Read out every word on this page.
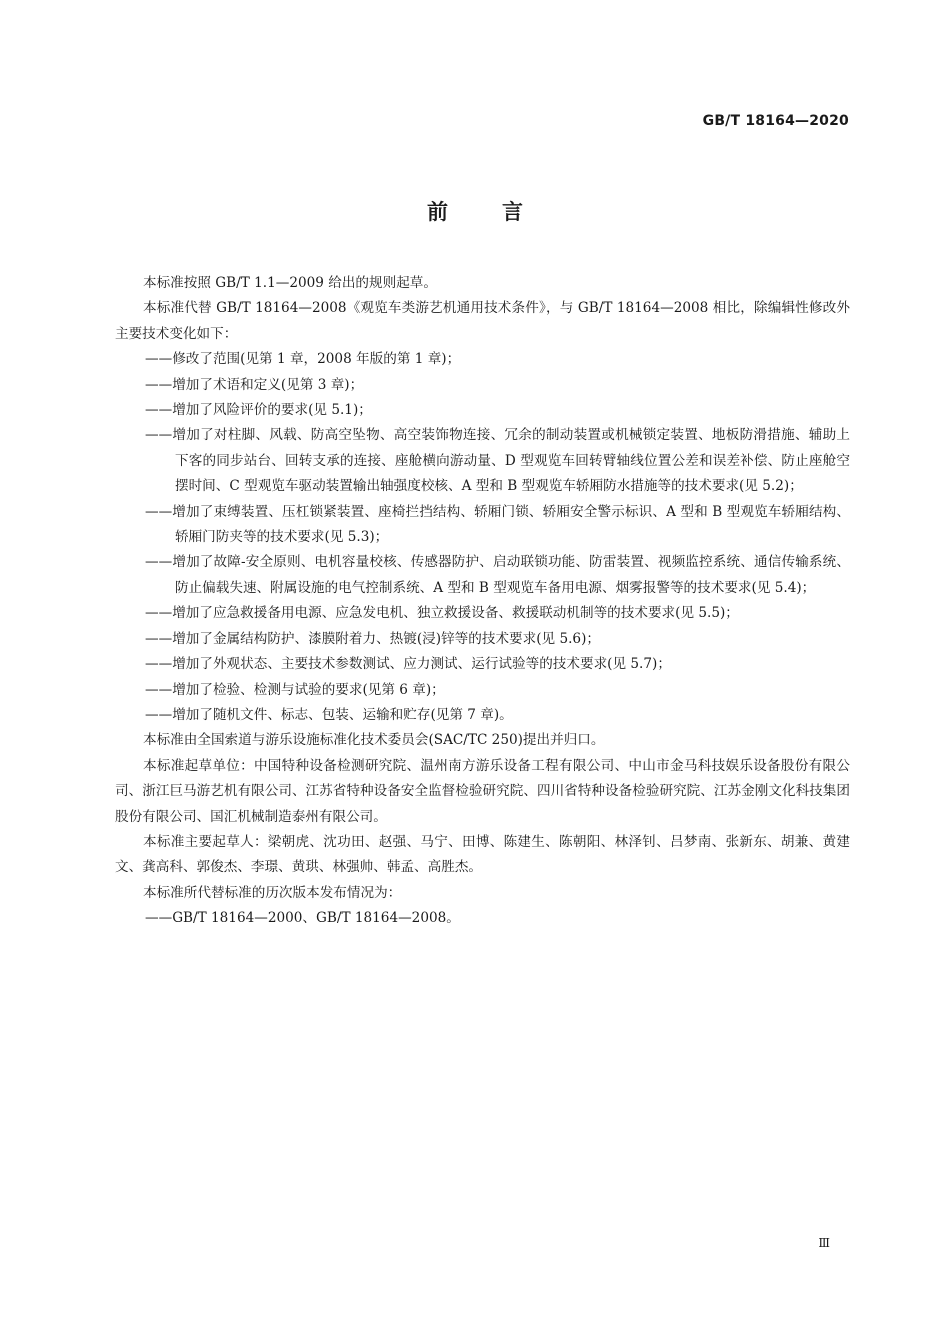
GB/T 18164—2020
前	言

本标准按照 GB/T 1.1—2009 给出的规则起草。

本标准代替 GB/T 18164—2008《观览车类游艺机通用技术条件》，与 GB/T 18164—2008 相比，除编辑性修改外主要技术变化如下：

——修改了范围(见第 1 章，2008 年版的第 1 章)；

——增加了术语和定义(见第 3 章)；

——增加了风险评价的要求(见 5.1)；

——增加了对柱脚、风载、防高空坠物、高空装饰物连接、冗余的制动装置或机械锁定装置、地板防滑措施、辅助上下客的同步站台、回转支承的连接、座舱横向游动量、D 型观览车回转臂轴线位置公差和误差补偿、防止座舱空摆时间、C 型观览车驱动装置输出轴强度校核、A 型和 B 型观览车轿厢防水措施等的技术要求(见 5.2)；

——增加了束缚装置、压杠锁紧装置、座椅拦挡结构、轿厢门锁、轿厢安全警示标识、A 型和 B 型观览车轿厢结构、轿厢门防夹等的技术要求(见 5.3)；

——增加了故障-安全原则、电机容量校核、传感器防护、启动联锁功能、防雷装置、视频监控系统、通信传输系统、防止偏载失速、附属设施的电气控制系统、A 型和 B 型观览车备用电源、烟雾报警等的技术要求(见 5.4)；

——增加了应急救援备用电源、应急发电机、独立救援设备、救援联动机制等的技术要求(见 5.5)；

——增加了金属结构防护、漆膜附着力、热镀(浸)锌等的技术要求(见 5.6)；

——增加了外观状态、主要技术参数测试、应力测试、运行试验等的技术要求(见 5.7)；

——增加了检验、检测与试验的要求(见第 6 章)；

——增加了随机文件、标志、包装、运输和贮存(见第 7 章)。

本标准由全国索道与游乐设施标准化技术委员会(SAC/TC 250)提出并归口。

本标准起草单位：中国特种设备检测研究院、温州南方游乐设备工程有限公司、中山市金马科技娱乐设备股份有限公司、浙江巨马游艺机有限公司、江苏省特种设备安全监督检验研究院、四川省特种设备检验研究院、江苏金刚文化科技集团股份有限公司、国汇机械制造泰州有限公司。

本标准主要起草人：梁朝虎、沈功田、赵强、马宁、田博、陈建生、陈朝阳、林泽钊、吕梦南、张新东、胡兼、黄建文、龚高科、郭俊杰、李璟、黄珙、林强帅、韩孟、高胜杰。

本标准所代替标准的历次版本发布情况为：

——GB/T 18164—2000、GB/T 18164—2008。

Ⅲ
